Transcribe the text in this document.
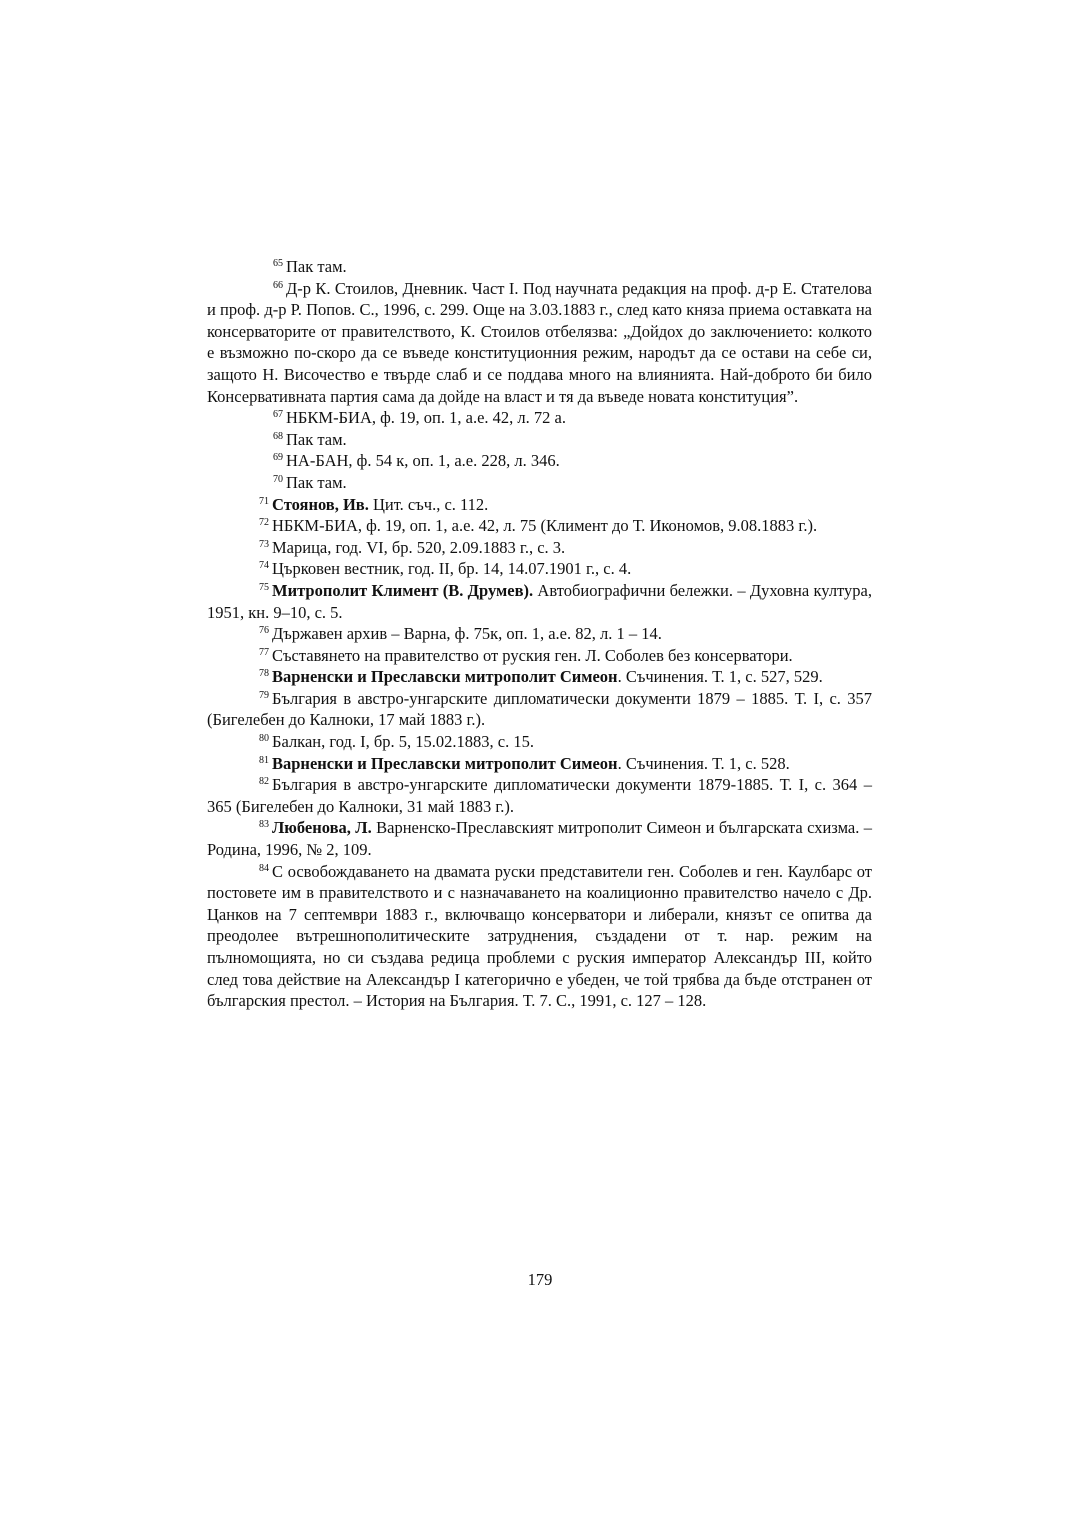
$^{65}$ Пак там.

$^{66}$ Д-р К. Стоилов, Дневник. Част I. Под научната редакция на проф. д-р Е. Стателова и проф. д-р Р. Попов. С., 1996, с. 299. Още на 3.03.1883 г., след като княза приема оставката на консерваторите от правителството, К. Стоилов отбелязва: „Дойдох до заключението: колкото е възможно по-скоро да се въведе конституционния режим, народът да се остави на себе си, защото Н. Височество е твърде слаб и се поддава много на влиянията. Най-доброто би било Консервативната партия сама да дойде на власт и тя да въведе новата конституция”.

$^{67}$ НБКМ-БИА, ф. 19, оп. 1, а.е. 42, л. 72 а.

$^{68}$ Пак там.

$^{69}$ НА-БАН, ф. 54 к, оп. 1, а.е. 228, л. 346.

$^{70}$ Пак там.

$^{71}$ Стоянов, Ив. Цит. съч., с. 112.

$^{72}$ НБКМ-БИА, ф. 19, оп. 1, а.е. 42, л. 75 (Климент до Т. Икономов, 9.08.1883 г.).

$^{73}$ Марица, год. VI, бр. 520, 2.09.1883 г., с. 3.

$^{74}$ Църковен вестник, год. II, бр. 14, 14.07.1901 г., с. 4.

$^{75}$ Митрополит Климент (В. Друмев). Автобиографични бележки. – Духовна култура, 1951, кн. 9–10, с. 5.

$^{76}$ Държавен архив – Варна, ф. 75к, оп. 1, а.е. 82, л. 1 – 14.

$^{77}$ Съставянето на правителство от руския ген. Л. Соболев без консерватори.

$^{78}$ Варненски и Преславски митрополит Симеон. Съчинения. Т. 1, с. 527, 529.

$^{79}$ България в австро-унгарските дипломатически документи 1879 – 1885. Т. I, с. 357 (Бигелебен до Калноки, 17 май 1883 г.).

$^{80}$ Балкан, год. I, бр. 5, 15.02.1883, с. 15.

$^{81}$ Варненски и Преславски митрополит Симеон. Съчинения. Т. 1, с. 528.

$^{82}$ България в австро-унгарските дипломатически документи 1879-1885. Т. I, с. 364 – 365 (Бигелебен до Калноки, 31 май 1883 г.).

$^{83}$ Любенова, Л. Варненско-Преславският митрополит Симеон и българската схизма. – Родина, 1996, № 2, 109.

$^{84}$ С освобождаването на двамата руски представители ген. Соболев и ген. Каулбарс от постовете им в правителството и с назначаването на коалиционно правителство начело с Др. Цанков на 7 септември 1883 г., включващо консерватори и либерали, князът се опитва да преодолее вътрешнополитическите затруднения, създадени от т. нар. режим на пълномощията, но си създава редица проблеми с руския император Александър III, който след това действие на Александър I категорично е убеден, че той трябва да бъде отстранен от българския престол. – История на България. Т. 7. С., 1991, с. 127 – 128.

179
